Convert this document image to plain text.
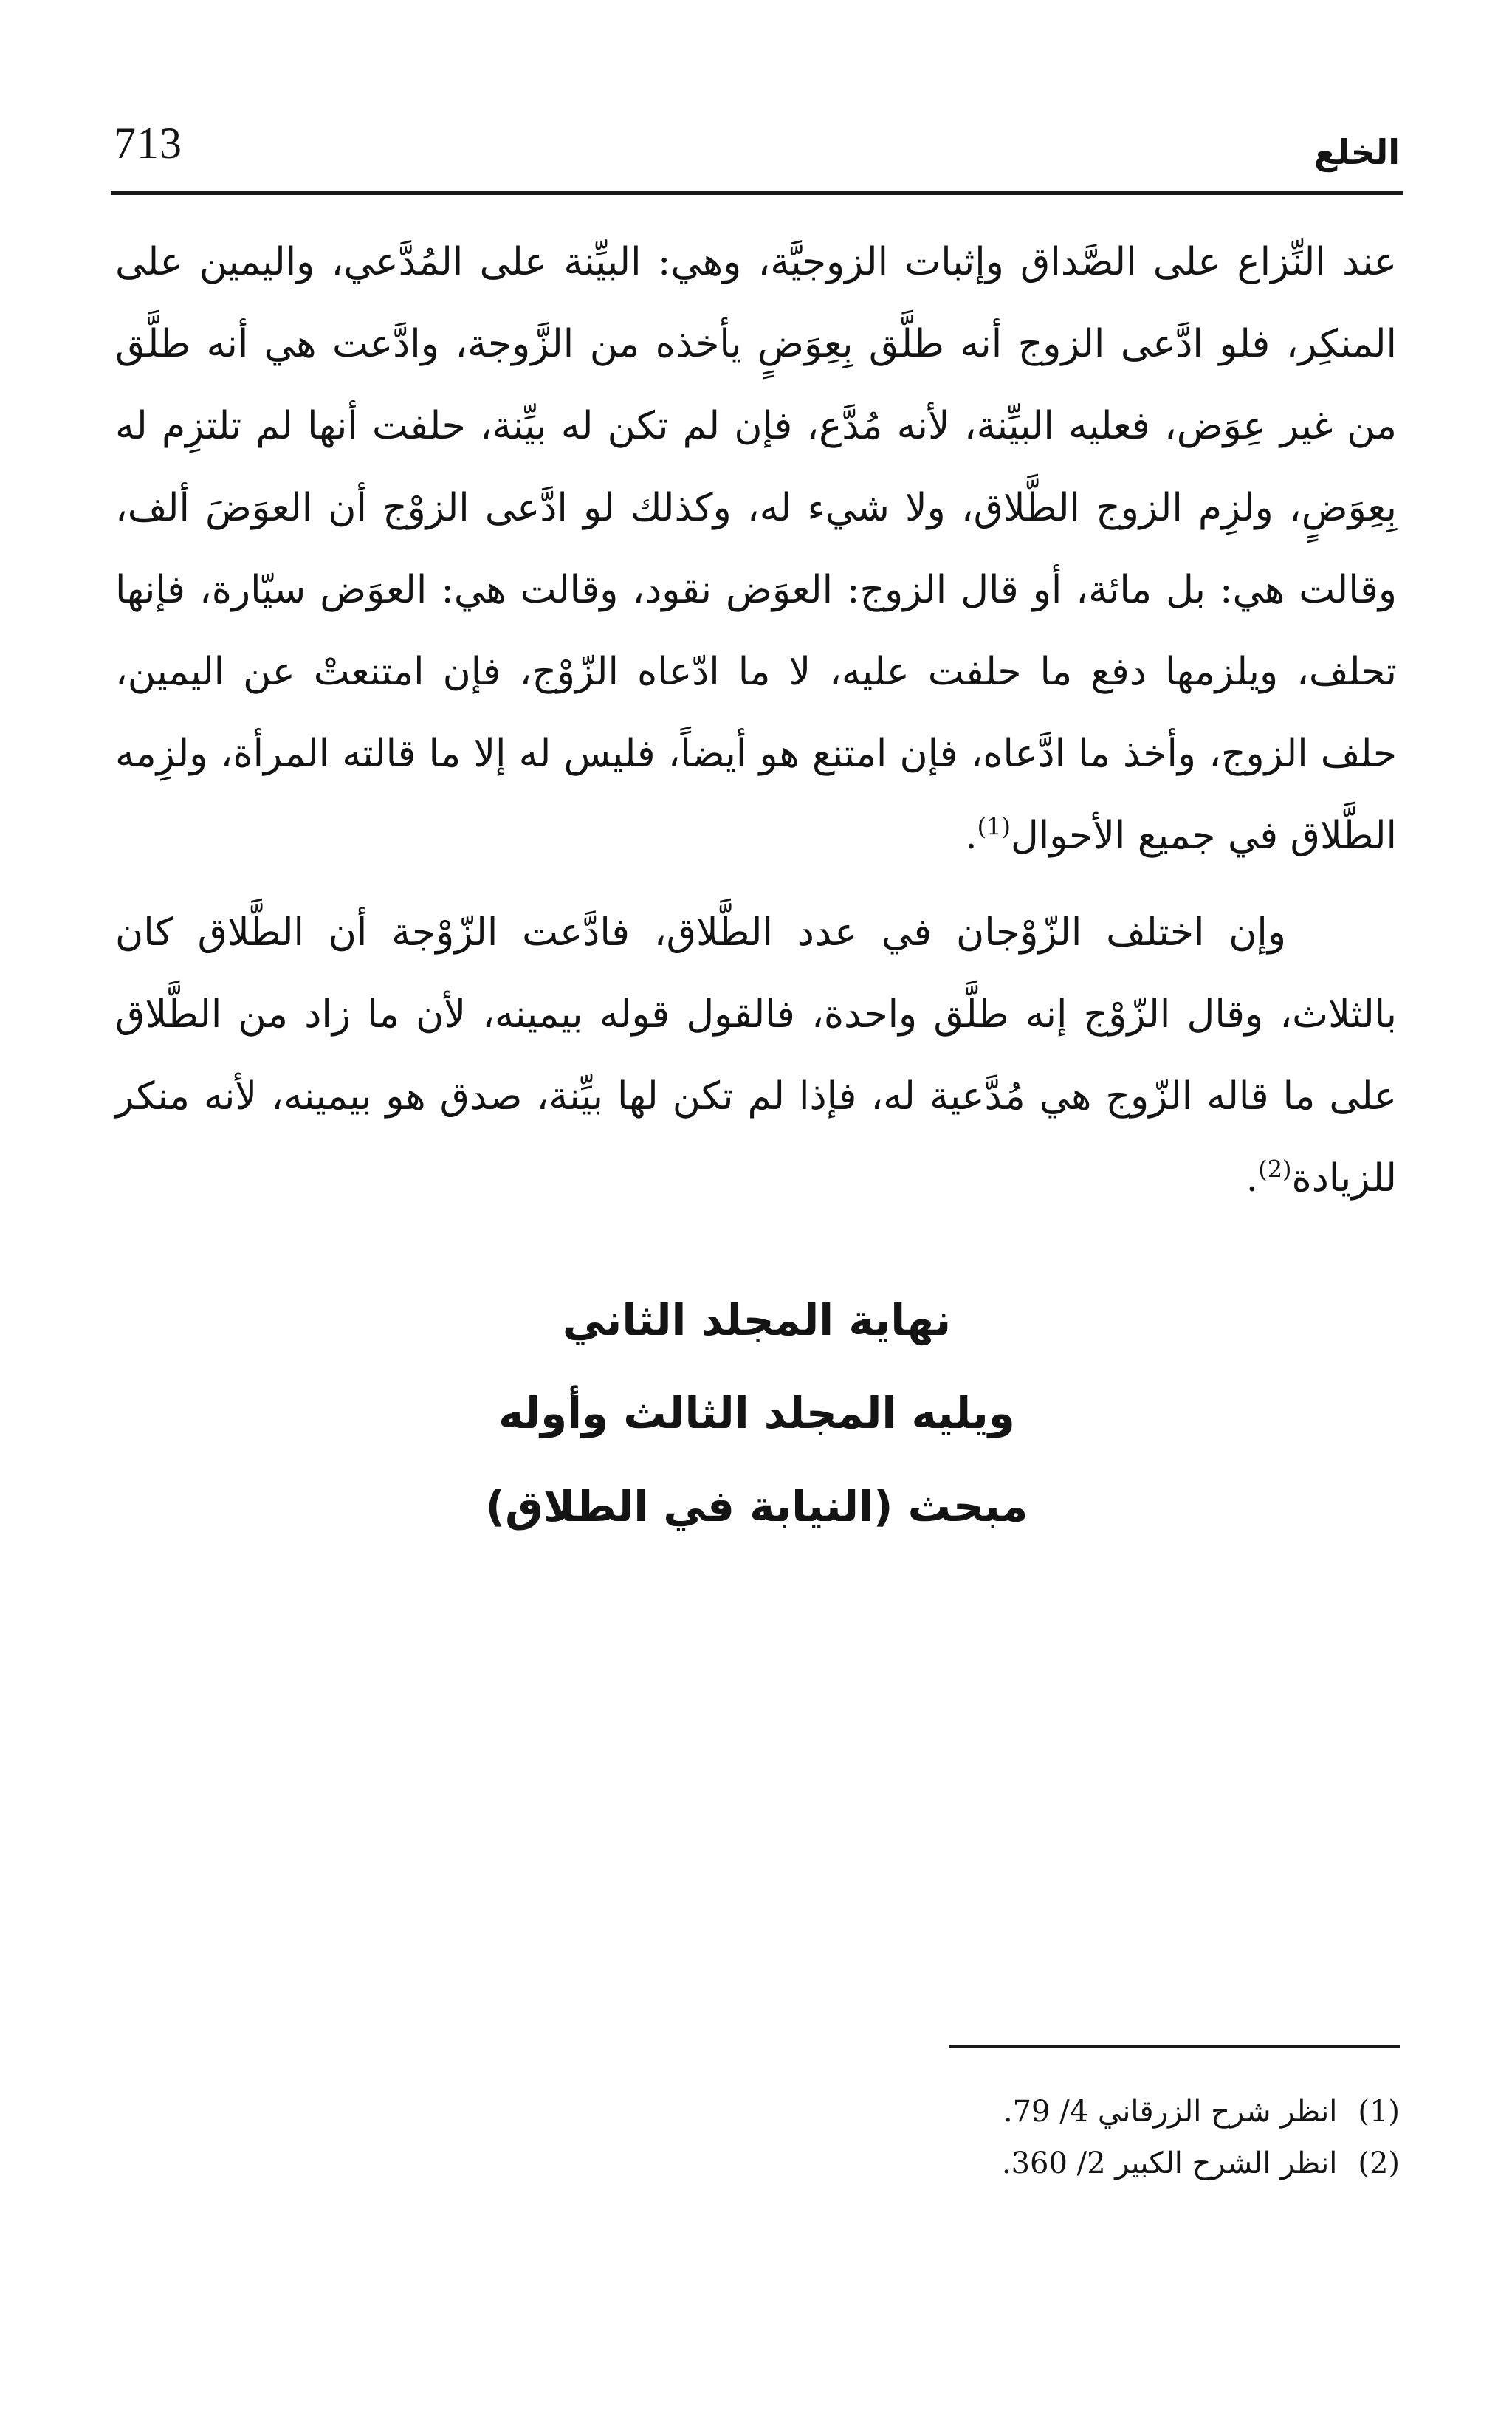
713	الخلع

عند النِّزاع على الصَّداق وإثبات الزوجيَّة، وهي: البيِّنة على المُدَّعي، واليمين على المنكِر، فلو ادَّعى الزوج أنه طلَّق بِعِوَضٍ يأخذه من الزَّوجة، وادَّعت هي أنه طلَّق من غير عِوَض، فعليه البيِّنة، لأنه مُدَّع، فإن لم تكن له بيِّنة، حلفت أنها لم تلتزِم له بِعِوَضٍ، ولزِم الزوج الطَّلاق، ولا شيء له، وكذلك لو ادَّعى الزوْج أن العوَضَ ألف، وقالت هي: بل مائة، أو قال الزوج: العوَض نقود، وقالت هي: العوَض سيّارة، فإنها تحلف، ويلزمها دفع ما حلفت عليه، لا ما ادّعاه الزّوْج، فإن امتنعتْ عن اليمين، حلف الزوج، وأخذ ما ادَّعاه، فإن امتنع هو أيضاً، فليس له إلا ما قالته المرأة، ولزِمه الطَّلاق في جميع الأحوال$^{(1)}$.

وإن اختلف الزّوْجان في عدد الطَّلاق، فادَّعت الزّوْجة أن الطَّلاق كان بالثلاث، وقال الزّوْج إنه طلَّق واحدة، فالقول قوله بيمينه، لأن ما زاد من الطَّلاق على ما قاله الزّوج هي مُدَّعية له، فإذا لم تكن لها بيِّنة، صدق هو بيمينه، لأنه منكر للزيادة$^{(2)}$.

نهاية المجلد الثاني
ويليه المجلد الثالث وأوله
مبحث (النيابة في الطلاق)
(1)انظر شرح الزرقاني 4/ 79.
(2)انظر الشرح الكبير 2/ 360.
